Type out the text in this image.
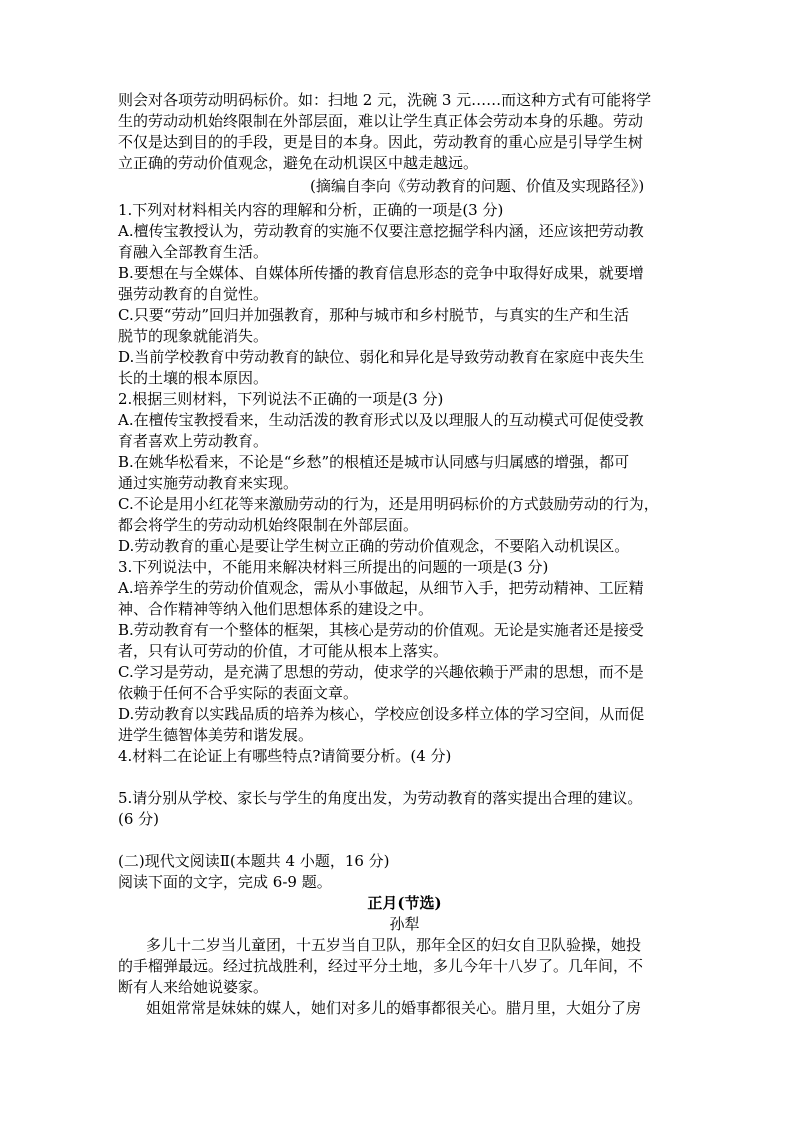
则会对各项劳动明码标价。如：扫地 2 元，洗碗 3 元……而这种方式有可能将学
生的劳动动机始终限制在外部层面，难以让学生真正体会劳动本身的乐趣。劳动
不仅是达到目的的手段，更是目的本身。因此，劳动教育的重心应是引导学生树
立正确的劳动价值观念，避免在动机误区中越走越远。
(摘编自李向《劳动教育的问题、价值及实现路径》)
1.下列对材料相关内容的理解和分析，正确的一项是(3 分)
A.檀传宝教授认为，劳动教育的实施不仅要注意挖掘学科内涵，还应该把劳动教
育融入全部教育生活。
B.要想在与全媒体、自媒体所传播的教育信息形态的竞争中取得好成果，就要增
强劳动教育的自觉性。
C.只要“劳动”回归并加强教育，那种与城市和乡村脱节，与真实的生产和生活
脱节的现象就能消失。
D.当前学校教育中劳动教育的缺位、弱化和异化是导致劳动教育在家庭中丧失生
长的土壤的根本原因。
2.根据三则材料，下列说法不正确的一项是(3 分)
A.在檀传宝教授看来，生动活泼的教育形式以及以理服人的互动模式可促使受教
育者喜欢上劳动教育。
B.在姚华松看来，不论是“乡愁”的根植还是城市认同感与归属感的增强，都可
通过实施劳动教育来实现。
C.不论是用小红花等来激励劳动的行为，还是用明码标价的方式鼓励劳动的行为，
都会将学生的劳动动机始终限制在外部层面。
D.劳动教育的重心是要让学生树立正确的劳动价值观念，不要陷入动机误区。
3.下列说法中，不能用来解决材料三所提出的问题的一项是(3 分)
A.培养学生的劳动价值观念，需从小事做起，从细节入手，把劳动精神、工匠精
神、合作精神等纳入他们思想体系的建设之中。
B.劳动教育有一个整体的框架，其核心是劳动的价值观。无论是实施者还是接受
者，只有认可劳动的价值，才可能从根本上落实。
C.学习是劳动，是充满了思想的劳动，使求学的兴趣依赖于严肃的思想，而不是
依赖于任何不合乎实际的表面文章。
D.劳动教育以实践品质的培养为核心，学校应创设多样立体的学习空间，从而促
进学生德智体美劳和谐发展。
4.材料二在论证上有哪些特点?请简要分析。(4 分)
5.请分别从学校、家长与学生的角度出发，为劳动教育的落实提出合理的建议。
(6 分)
(二)现代文阅读Ⅱ(本题共 4 小题，16 分)
阅读下面的文字，完成 6-9 题。
正月(节选)
孙犁
多儿十二岁当儿童团，十五岁当自卫队，那年全区的妇女自卫队验操，她投
的手榴弹最远。经过抗战胜利，经过平分土地，多儿今年十八岁了。几年间，不
断有人来给她说婆家。
姐姐常常是妹妹的媒人，她们对多儿的婚事都很关心。腊月里，大姐分了房
